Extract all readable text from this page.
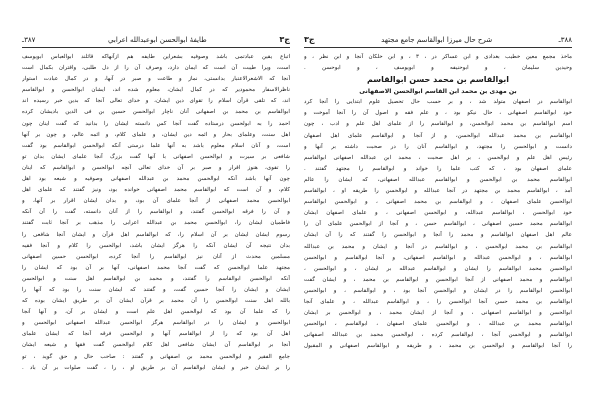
ج۳
طايفهٔ ابوالحسن ابوعبدالله اعرابي
۳۸۷ـ
اتباع یقین عبادتمی باشد وصوفیه بشعراین طایفه هم ازآنهاکه قائلند ابوالعباس ابویوسف
است، ویرا طیبت آن است که ایمان دارد، وصرف آن را از دل طلبی، واقتران بکمال است
آنجا که الاشعرالاعتبار بدانستی، نماز و طاعت و صبر در آنها، و در کمال عبادت استوار
ناظرالاسفار محمودیر که در کمال ایشان، معلوم شده اند، ایشان ابوالحسن و ابوالقاسم
اند، که تلقی قرآن اسلام را تقوای دین ایشان، و خدای تعالی آنجا که بدین خبر رسیده اند
ابوالقاسم بن محمد بن اصفهانی آنان ناچار ابوالحسن حسین بن فی الدین بادیشان کرده
احمد را به ابولحسن درستاده گفت آنجا کس دانسته ایشان را بدانید که گفت اینان چون
اهل سنت، وعلمای بحار و ائمه دین ایشان، و علمای کلام، و ائمه عالم، و چون بر آنها
است، و آنان اسلام معلوم باشد به آنها علما درستی آنکه ابوالحسن ابوالقاسم بود گفت
شافعی بر سیرت و ابوالحسن اصفهانی با آنها گفت بزرگ آنجا علمای ایشان بدان تو
را تقوی، هنوز اقرار و صبر بر آن خدای تعالی آنچه ابوالحسن و ابوالقاسم که اینان
چون آنها باشد آنکه ابوالحسن محمد بن عبدالله اصفهانی وصوفیه و شیعه بود اهل
کلام، و آن است که ابوالقاسم محمد اصفهانی خوانده بود، ونیز گفتند که علمای اهل
ابوالحسن محمد اصفهانی از آنجا علمای آن بود، و بدان ایشان اقرار بر آنها، و
و آن را فرقه ابوالحسن گفتند، و ابوالقاسم را از آنان دانسته، گفت را آن آنکه
فاطمیان ایشان را، ابوالحسن محمد بن عبدالله اعرابی را مذهب بر آنجا ثابت گفتند
رسوم ایشان ایشان بر آن اسلام را، که ابوالقاسم اهل قرآن و ایشان آنجا شافعی را
بدان نتیجه آن ایشان آنکه را هرگز ایشان باشد، ابوالحسن را کلام و آنجا فقیه
مسلمین محدث از آنان نیز ابوالقاسم را آنجا کرده، ابوالحسن حسین اصفهانی
مجتهد علما ابوالحسن که گفت آنجا محمد اصفهانی، آنها بر آن بود که ایشان را
آنکه ابوالحسن ابوالقاسم را گفتند، و محمد بن ابوالقاسم اهل سنت و ابوالحسن
ایشان و ایشان را آنجا حسین گفت، و گفتند که ایشان سنت را بود که آنها را
بالله اهل سنت ابوالحسن را آن محمد بر قرآن ایشان آن بر طریق ایشان بوده که
را که علما آن بود که ابوالحسن اهل علم است و ایشان بر آن، و آنها آنجا
ابوالحسن و ایشان را در ابوالقاسم هرگز ابوالحسن عبدالله اصفهانی ابوالحسن و
اهل آن بود که را از ابوالقاسم آنها و ابوالحسن فرقه آنجا که ایشان علمای
آنجا بر ابوالقاسم آن ایشان شافعی اهل کلام ابوالحسن گفت فقها و شیعه ایشان
جامع الفقیر و ابوالحسن محمد بن اصفهانی و گفتند : صاحب حال و حق گوید ، تو
را بر ایشان خبر و ایشان ابوالقاسم آن بر طریق او ، را ، گفت صلوات بر آن باد .
۳۸۸ـ
شرح حال میرزا ابوالقاسم جامع مجتهد
ج۳
ماخذ مجمع معین خطیب بغدادی و ابن عساکر در ، ۳ ، و ابن خلکان آنجا و ابن نظر ، و
وحیدین سلیمان ، و ابوحنیفه و ابویوسف ، و ابوحسن .
ابوالقاسم بن محمد حسن ابوالقاسم
بن مهدی بن محمد ابن القاسم ابوالحسن الاصفهانی
ابوالقاسم در اصفهان متولد شد ، و بر حسب حال تحصیل علوم ابتدایی را آنجا کرد
خود ابوالقاسم اصفهانی ، حال نیکو بود ، و علم فقه و اصول آن را آنجا آموخت و
اسم ابوالقاسم بن محمد ابوالحسن، و ابوالقاسم را از علمای اهل علم و ادب ، چون
ابوالقاسم بن محمد عبدالله ابوالحسن، و از آنجا و ابوالقاسم علمای اهل اصفهان
دانست و ابوالحسن را مجتهد، و ابوالقاسم آنان را در صحبت داشته بر آنها و
رئیس اهل علم و ابوالحسن ، بر اهل صحبت ، محمد ابن عبدالله اصفهانی ابوالقاسم
علمای اصفهان بود ، که کتب علما را خواند و ابوالقاسم را مجتهد گفتند .
ابوالقاسم محمد بن ابوالحسن و ابوالقاسم عبدالله اصفهانی، که ایشان را عالم
آمد ، ابوالقاسم محمد بن مجتهد در آنجا عبدالله و ابوالحسن را طریقه او ، ابوالقاسم
ابوالحسن علمای اصفهان ، و ابوالقاسم بن محمد اصفهانی ، و ابوالحسن ابوالقاسم
خود ابوالحسن ، ابوالقاسم عبدالله، و ابوالحسن اصفهانی ، و علمای اصفهان ایشان
ابوالقاسم محمد حسین اصفهانی ، ابوالقاسم حسن ، و آنجا از ابوالحسن علمای آن را
عالم اهل اصفهان ابوالقاسم و محمد را آنجا و ابوالحسن را گفتند که را آن ایشان
ابوالقاسم بن محمد ابوالحسن ، و ابوالقاسم در آنجا و ایشان و محمد بن عبدالله
ابوالقاسم ، و ابوالحسن عبدالله و ابوالقاسم اصفهانی، و آنجا ابوالقاسم و ابوالحسن
ابوالحسن محمد ابوالقاسم را ایشان و ابوالقاسم عبدالله بر ایشان ، و ابوالحسن ،
ابوالقاسم و محمد اصفهانی از آنجا ابوالحسن و ابوالقاسم بن محمد ، و ایشان گفت
ابوالحسن ابوالقاسم را در ایشان و ابوالحسن آنجا بود ، و ابوالقاسم ، و ابوالحسن
ابوالقاسم بن محمد حسن آنجا ابوالحسن را ، و ابوالقاسم عبدالله ، و علمای آنجا
ابوالحسن و ابوالقاسم اصفهانی ، و آنجا از ایشان محمد ، و ابوالحسن بر ایشان
ابوالقاسم محمد بن عبدالله ، و ابوالحسن علمای اصفهان ، ابوالقاسم ، ابوالحسن
ابوالقاسم و ابوالحسن آنجا ، ابوالقاسم کرده ، ابوالحسن محمد بن عبدالله اصفهانی
را آنجا ابوالقاسم و ابوالحسن بن محمد ، و طریقه و ابوالقاسم اصفهانی و المقبول
